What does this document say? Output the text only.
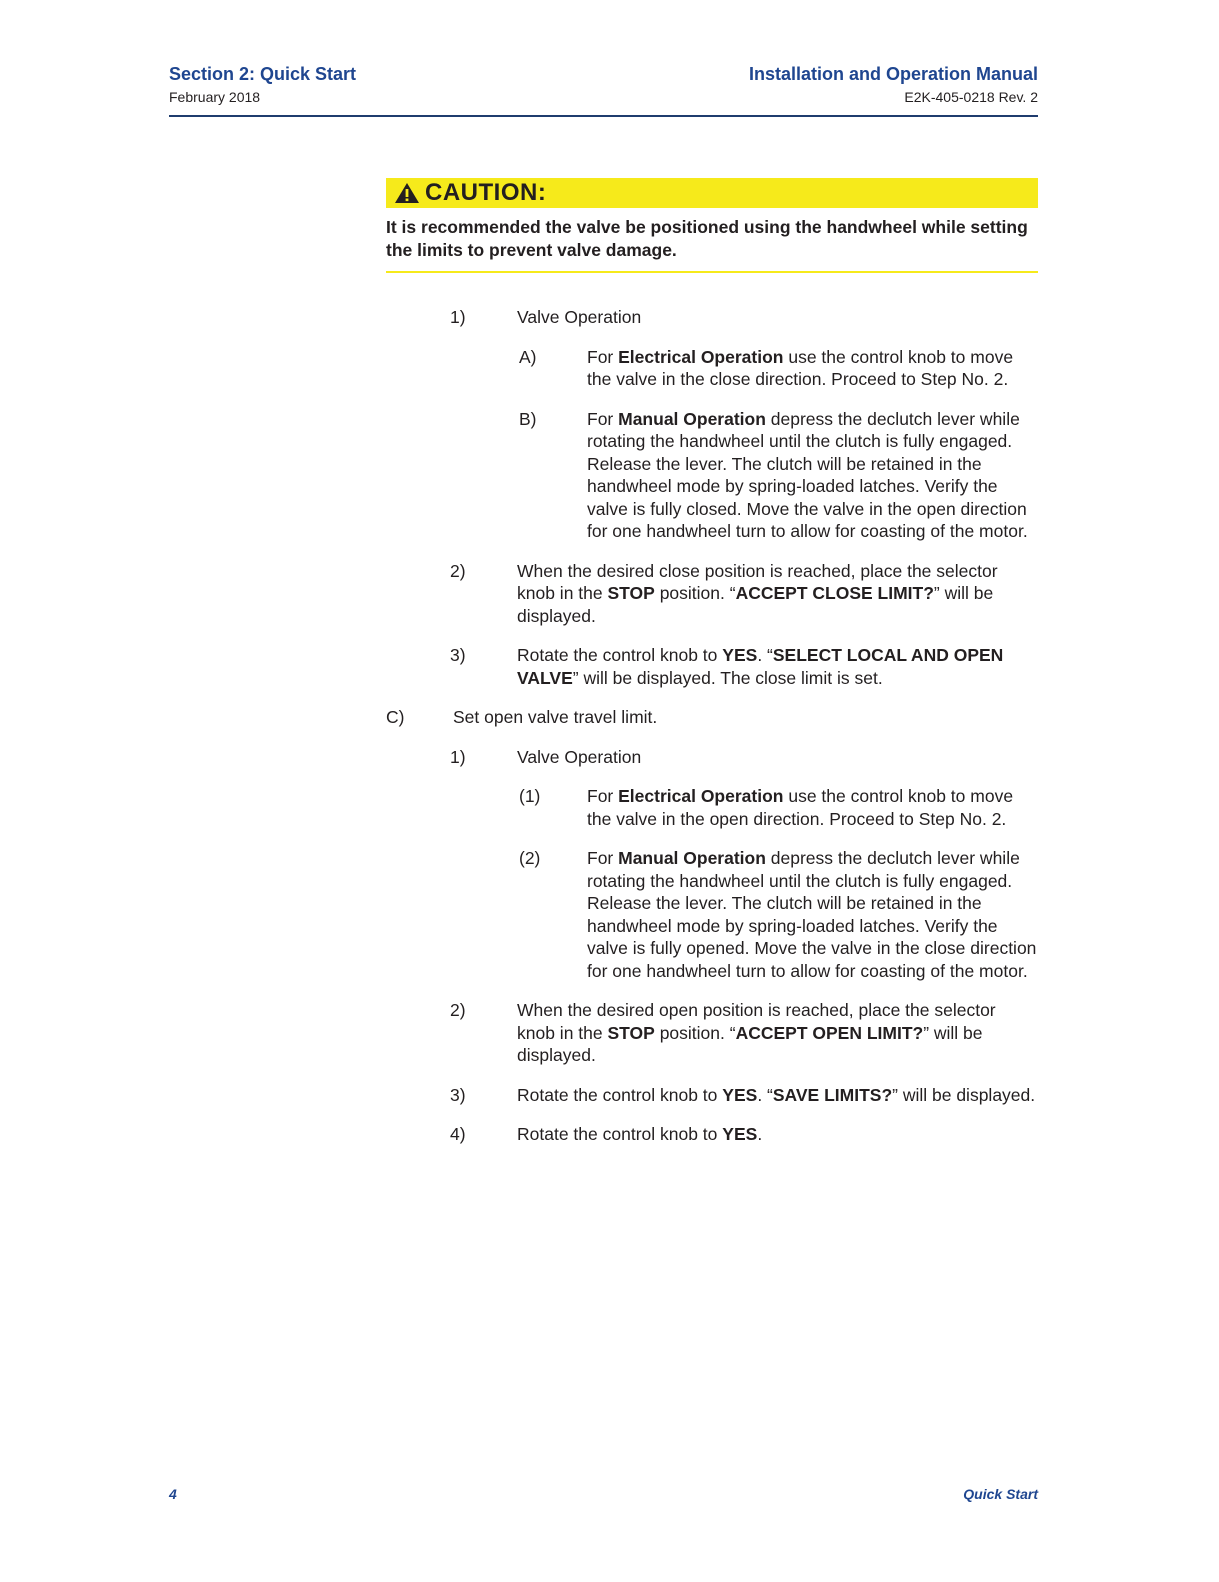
Section 2: Quick Start
February 2018
Installation and Operation Manual
E2K-405-0218 Rev. 2
CAUTION:
It is recommended the valve be positioned using the handwheel while setting the limits to prevent valve damage.
1)	Valve Operation
A)	For Electrical Operation use the control knob to move the valve in the close direction. Proceed to Step No. 2.
B)	For Manual Operation depress the declutch lever while rotating the handwheel until the clutch is fully engaged. Release the lever. The clutch will be retained in the handwheel mode by spring-loaded latches. Verify the valve is fully closed. Move the valve in the open direction for one handwheel turn to allow for coasting of the motor.
2)	When the desired close position is reached, place the selector knob in the STOP position. “ACCEPT CLOSE LIMIT?” will be displayed.
3)	Rotate the control knob to YES. “SELECT LOCAL AND OPEN VALVE” will be displayed. The close limit is set.
C)	Set open valve travel limit.
1)	Valve Operation
(1)	For Electrical Operation use the control knob to move the valve in the open direction. Proceed to Step No. 2.
(2)	For Manual Operation depress the declutch lever while rotating the handwheel until the clutch is fully engaged. Release the lever. The clutch will be retained in the handwheel mode by spring-loaded latches. Verify the valve is fully opened. Move the valve in the close direction for one handwheel turn to allow for coasting of the motor.
2)	When the desired open position is reached, place the selector knob in the STOP position. “ACCEPT OPEN LIMIT?” will be displayed.
3)	Rotate the control knob to YES. “SAVE LIMITS?” will be displayed.
4)	Rotate the control knob to YES.
4	Quick Start
